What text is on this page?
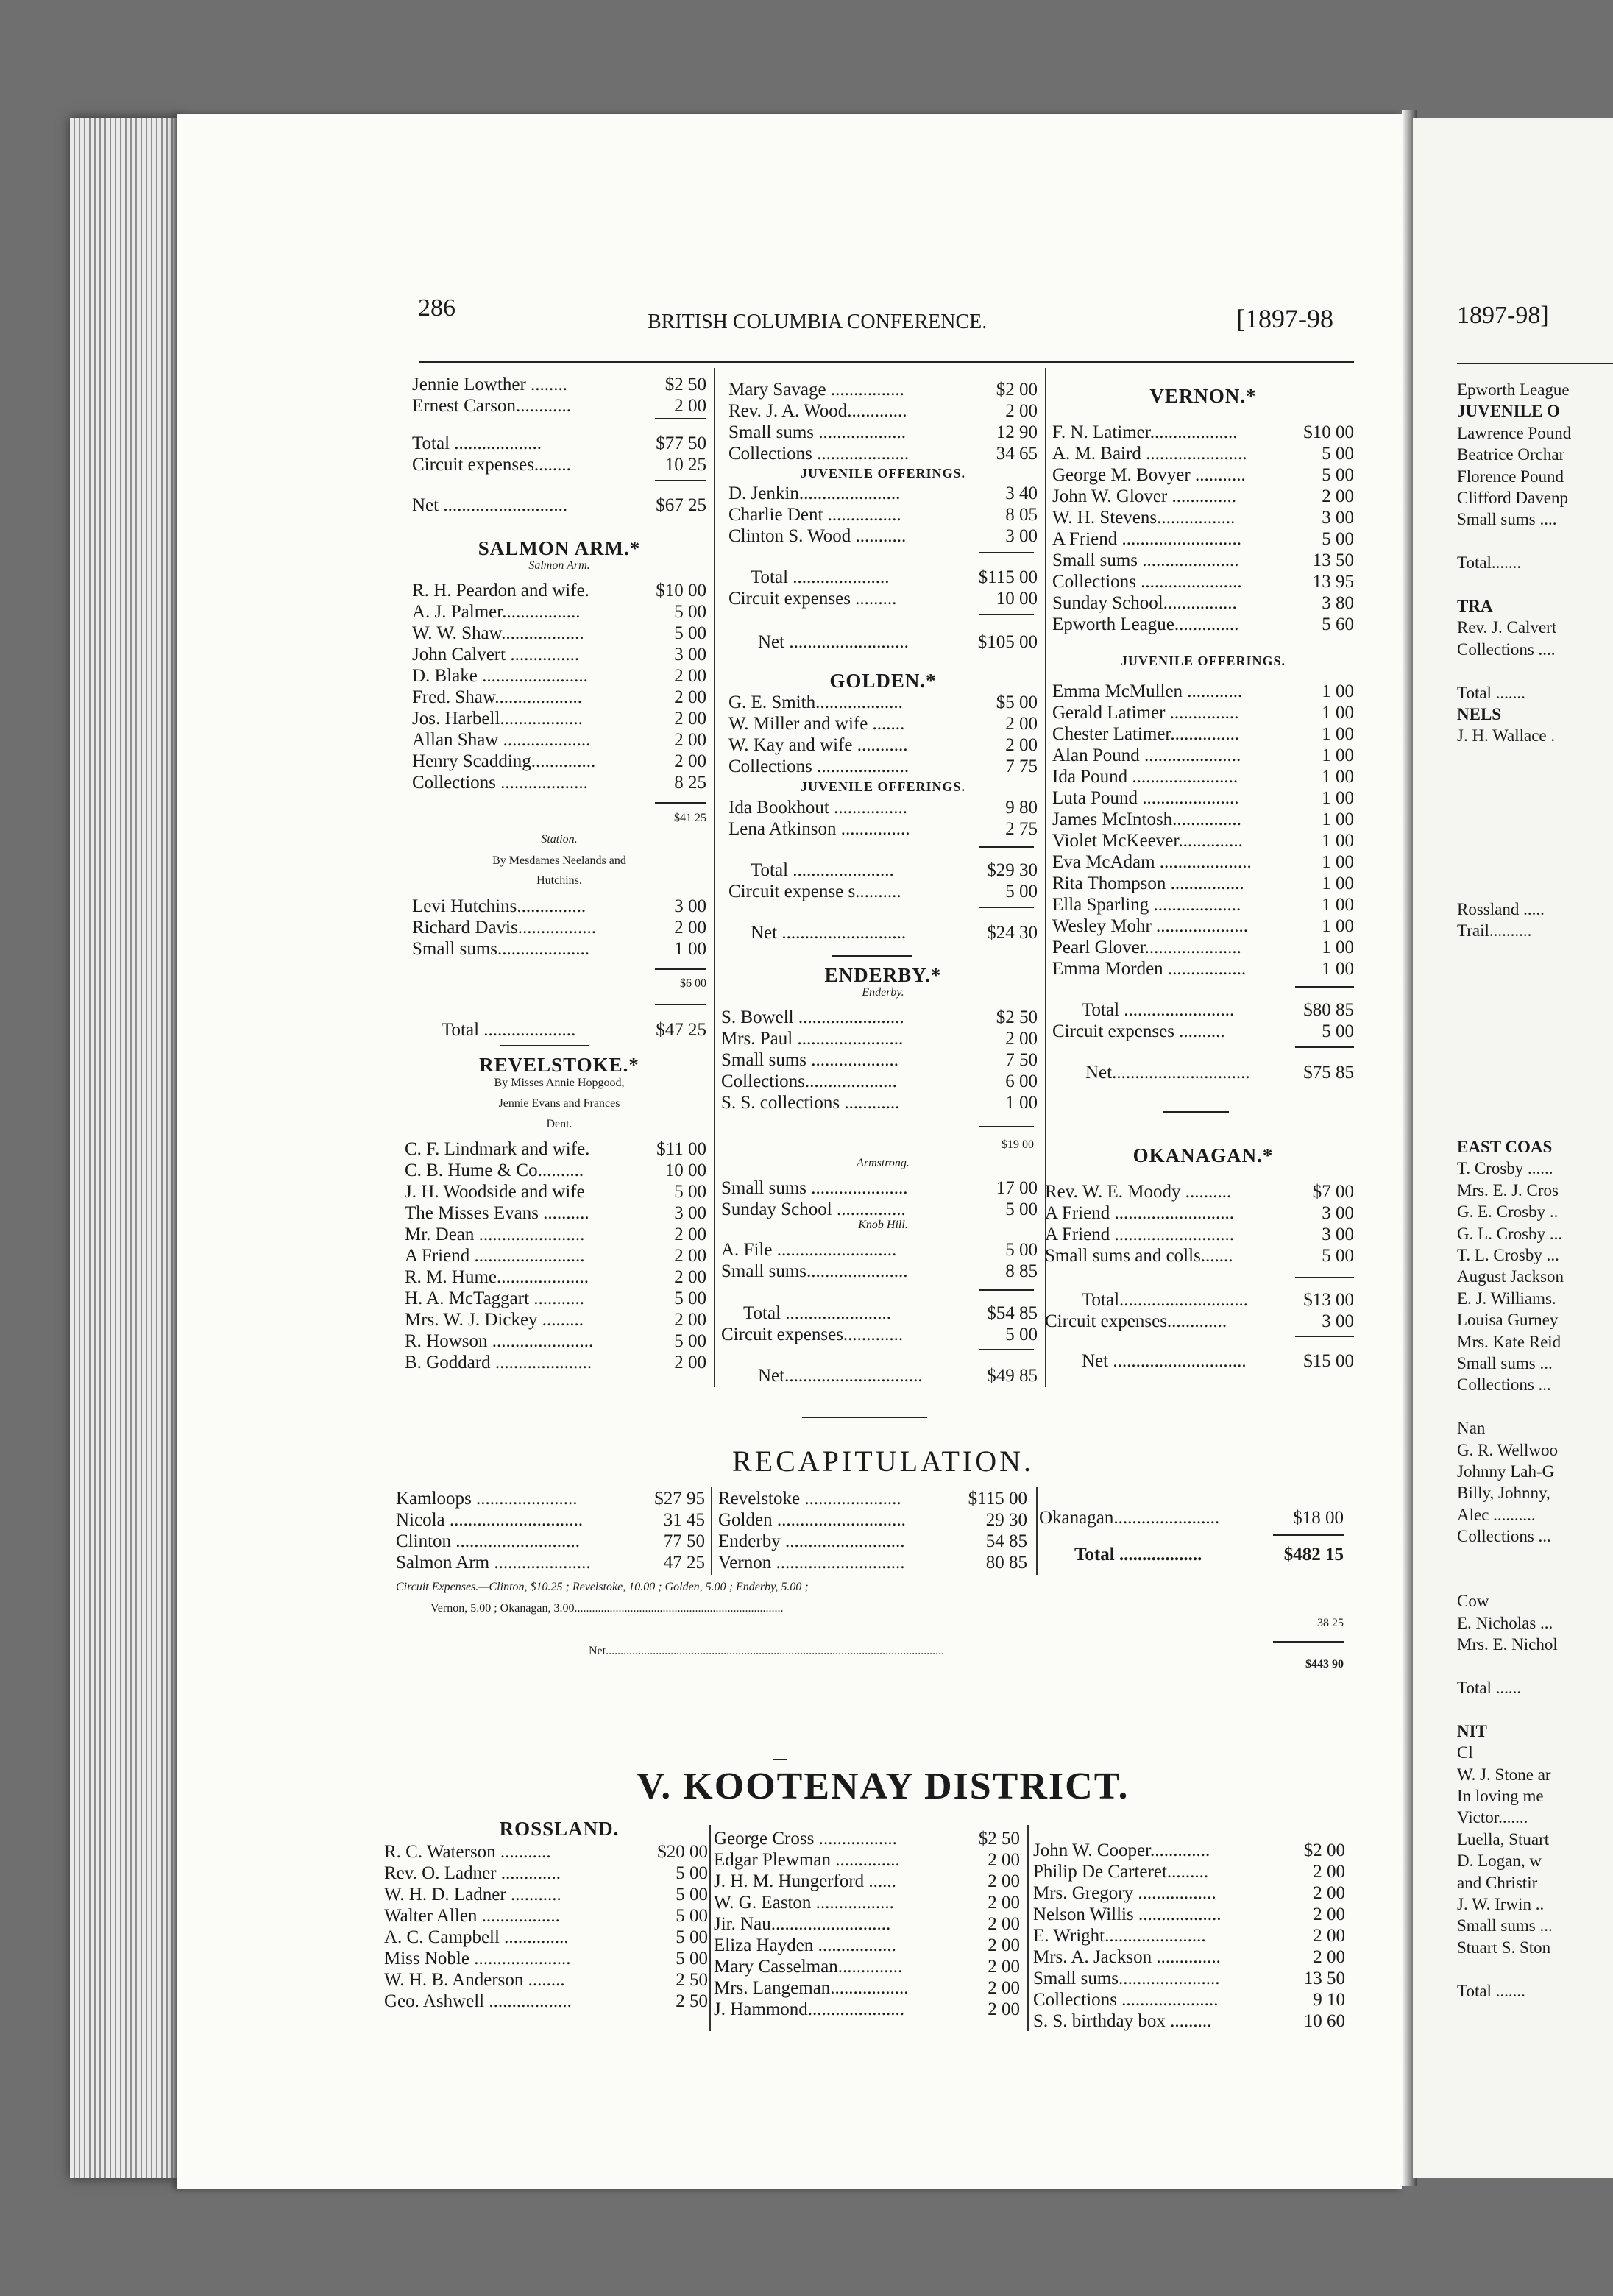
286
BRITISH COLUMBIA CONFERENCE.	[1897-98
Jennie Lowther ........	$2 50
Ernest Carson............	2 00
Total ...................	$77 50
Circuit expenses........	10 25
Net ...........................	$67 25
SALMON ARM.*
Salmon Arm.
R. H. Peardon and wife.	$10 00
A. J. Palmer.................	5 00
W. W. Shaw..................	5 00
John Calvert ...............	3 00
D. Blake .......................	2 00
Fred. Shaw...................	2 00
Jos. Harbell..................	2 00
Allan Shaw ...................	2 00
Henry Scadding..............	2 00
Collections ...................	8 25
$41 25
Station.
By Mesdames Neelands and
Hutchins.
Levi Hutchins...............	3 00
Richard Davis.................	2 00
Small sums....................	1 00
$6 00
Total ....................	$47 25
REVELSTOKE.*
By Misses Annie Hopgood,
Jennie Evans and Frances
Dent.
C. F. Lindmark and wife.	$11 00
C. B. Hume & Co..........	10 00
J. H. Woodside and wife	5 00
The Misses Evans ..........	3 00
Mr. Dean .......................	2 00
A Friend ........................	2 00
R. M. Hume....................	2 00
H. A. McTaggart ...........	5 00
Mrs. W. J. Dickey .........	2 00
R. Howson ......................	5 00
B. Goddard .....................	2 00
Mary Savage ................	$2 00
Rev. J. A. Wood.............	2 00
Small sums ...................	12 90
Collections ....................	34 65
JUVENILE OFFERINGS.
D. Jenkin......................	3 40
Charlie Dent ................	8 05
Clinton S. Wood ...........	3 00
Total .....................	$115 00
Circuit expenses .........	10 00
Net ..........................	$105 00
GOLDEN.*
G. E. Smith...................	$5 00
W. Miller and wife .......	2 00
W. Kay and wife ...........	2 00
Collections ....................	7 75
JUVENILE OFFERINGS.
Ida Bookhout ................	9 80
Lena Atkinson ...............	2 75
Total ......................	$29 30
Circuit expense s..........	5 00
Net ...........................	$24 30
ENDERBY.*
Enderby.
S. Bowell .......................	$2 50
Mrs. Paul .......................	2 00
Small sums ...................	7 50
Collections....................	6 00
S. S. collections ............	1 00
$19 00
Armstrong.
Small sums .....................	17 00
Sunday School ...............	5 00
Knob Hill.
A. File ..........................	5 00
Small sums......................	8 85
Total .......................	$54 85
Circuit expenses.............	5 00
Net..............................	$49 85
VERNON.*
F. N. Latimer...................	$10 00
A. M. Baird ......................	5 00
George M. Bovyer ...........	5 00
John W. Glover ..............	2 00
W. H. Stevens.................	3 00
A Friend ..........................	5 00
Small sums .....................	13 50
Collections ......................	13 95
Sunday School................	3 80
Epworth League..............	5 60
JUVENILE OFFERINGS.
Emma McMullen ............	1 00
Gerald Latimer ...............	1 00
Chester Latimer...............	1 00
Alan Pound .....................	1 00
Ida Pound .......................	1 00
Luta Pound .....................	1 00
James McIntosh...............	1 00
Violet McKeever..............	1 00
Eva McAdam ....................	1 00
Rita Thompson ................	1 00
Ella Sparling ...................	1 00
Wesley Mohr ....................	1 00
Pearl Glover.....................	1 00
Emma Morden .................	1 00
Total ........................	$80 85
Circuit expenses ..........	5 00
Net..............................	$75 85
OKANAGAN.*
Rev. W. E. Moody ..........	$7 00
A Friend ..........................	3 00
A Friend ..........................	3 00
Small sums and colls.......	5 00
Total............................	$13 00
Circuit expenses.............	3 00
Net .............................	$15 00
RECAPITULATION.
Kamloops ......................	$27 95
Nicola .............................	31 45
Clinton ...........................	77 50
Salmon Arm .....................	47 25
Revelstoke .....................	$115 00
Golden ............................	29 30
Enderby ..........................	54 85
Vernon ............................	80 85
Okanagan.......................	$18 00
Total ..................	$482 15
Circuit Expenses.—Clinton, $10.25 ; Revelstoke, 10.00 ; Golden, 5.00 ; Enderby, 5.00 ;
Vernon, 5.00 ; Okanagan, 3.00.......................................................................
38 25
Net...................................................................................................................
$443 90
V. KOOTENAY DISTRICT.
ROSSLAND.
R. C. Waterson ...........	$20 00
Rev. O. Ladner .............	5 00
W. H. D. Ladner ...........	5 00
Walter Allen .................	5 00
A. C. Campbell ..............	5 00
Miss Noble .....................	5 00
W. H. B. Anderson ........	2 50
Geo. Ashwell ..................	2 50
George Cross .................	$2 50
Edgar Plewman ..............	2 00
J. H. M. Hungerford ......	2 00
W. G. Easton .................	2 00
Jir. Nau..........................	2 00
Eliza Hayden .................	2 00
Mary Casselman..............	2 00
Mrs. Langeman.................	2 00
J. Hammond.....................	2 00
John W. Cooper.............	$2 00
Philip De Carteret.........	2 00
Mrs. Gregory .................	2 00
Nelson Willis ..................	2 00
E. Wright......................	2 00
Mrs. A. Jackson ..............	2 00
Small sums......................	13 50
Collections .....................	9 10
S. S. birthday box .........	10 60
1897-98]
Epworth League
JUVENILE O
Lawrence Pound
Beatrice Orchar
Florence Pound
Clifford Davenp
Small sums ....
Total.......
TRA
Rev. J. Calvert
Collections ....
Total .......
NELS
J. H. Wallace .
Rossland .....
Trail..........
EAST COAS
T. Crosby ......
Mrs. E. J. Cros
G. E. Crosby ..
G. L. Crosby ...
T. L. Crosby ...
August Jackson
E. J. Williams.
Louisa Gurney
Mrs. Kate Reid
Small sums ...
Collections ...
Nan
G. R. Wellwoo
Johnny Lah-G
Billy, Johnny,
Alec ..........
Collections ...
Cow
E. Nicholas ...
Mrs. E. Nichol
Total ......
NIT
Cl
W. J. Stone ar
In loving me
Victor.......
Luella, Stuart
D. Logan, w
and Christir
J. W. Irwin ..
Small sums ...
Stuart S. Ston
Total .......
